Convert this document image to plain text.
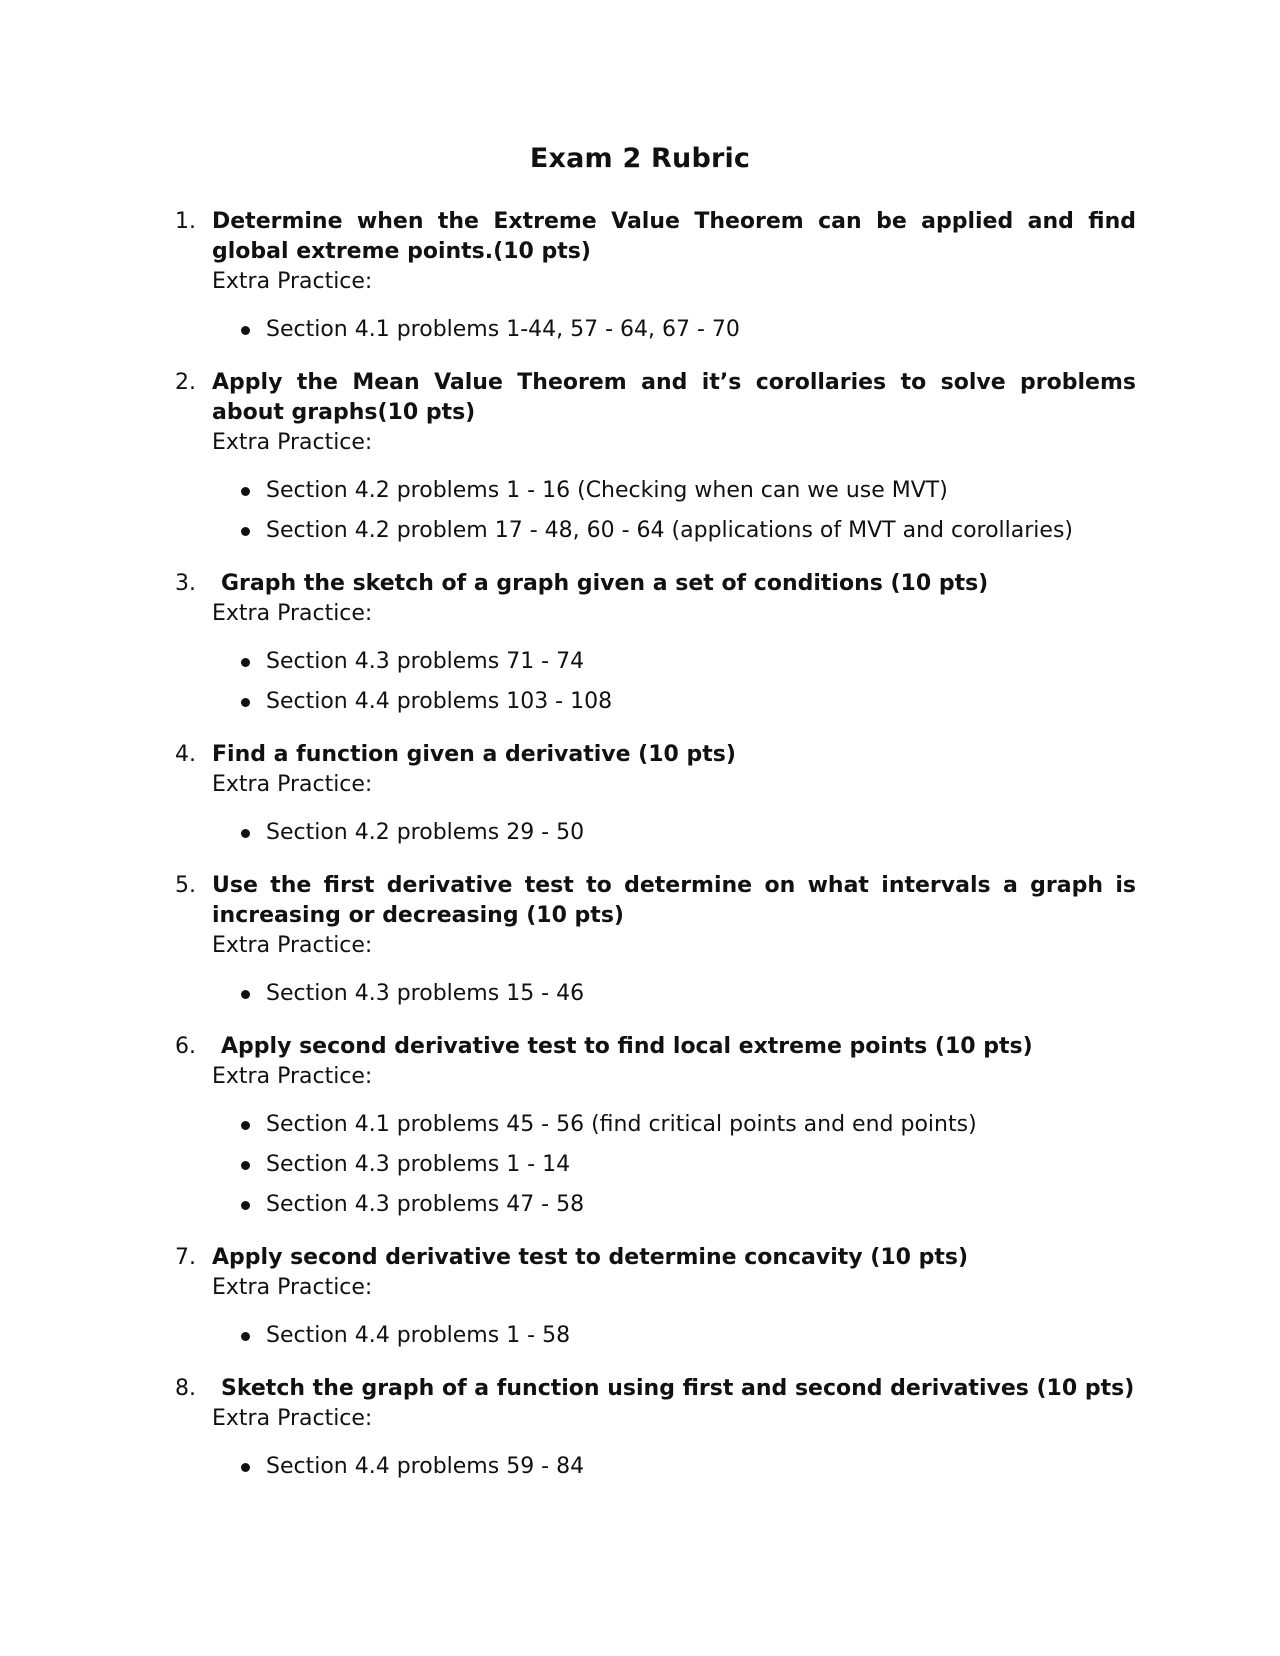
Exam 2 Rubric
1. Determine when the Extreme Value Theorem can be applied and find global extreme points.(10 pts)
Extra Practice:
Section 4.1 problems 1-44, 57 - 64, 67 - 70
2. Apply the Mean Value Theorem and it’s corollaries to solve problems about graphs(10 pts)
Extra Practice:
Section 4.2 problems 1 - 16 (Checking when can we use MVT)
Section 4.2 problem 17 - 48, 60 - 64 (applications of MVT and corollaries)
3.	Graph the sketch of a graph given a set of conditions (10 pts)
Extra Practice:
Section 4.3 problems 71 - 74
Section 4.4 problems 103 - 108
4. Find a function given a derivative (10 pts)
Extra Practice:
Section 4.2 problems 29 - 50
5. Use the first derivative test to determine on what intervals a graph is increasing or decreasing (10 pts)
Extra Practice:
Section 4.3 problems 15 - 46
6.	Apply second derivative test to find local extreme points (10 pts)
Extra Practice:
Section 4.1 problems 45 - 56 (find critical points and end points)
Section 4.3 problems 1 - 14
Section 4.3 problems 47 - 58
7. Apply second derivative test to determine concavity (10 pts)
Extra Practice:
Section 4.4 problems 1 - 58
8.	Sketch the graph of a function using first and second derivatives (10 pts)
Extra Practice:
Section 4.4 problems 59 - 84
